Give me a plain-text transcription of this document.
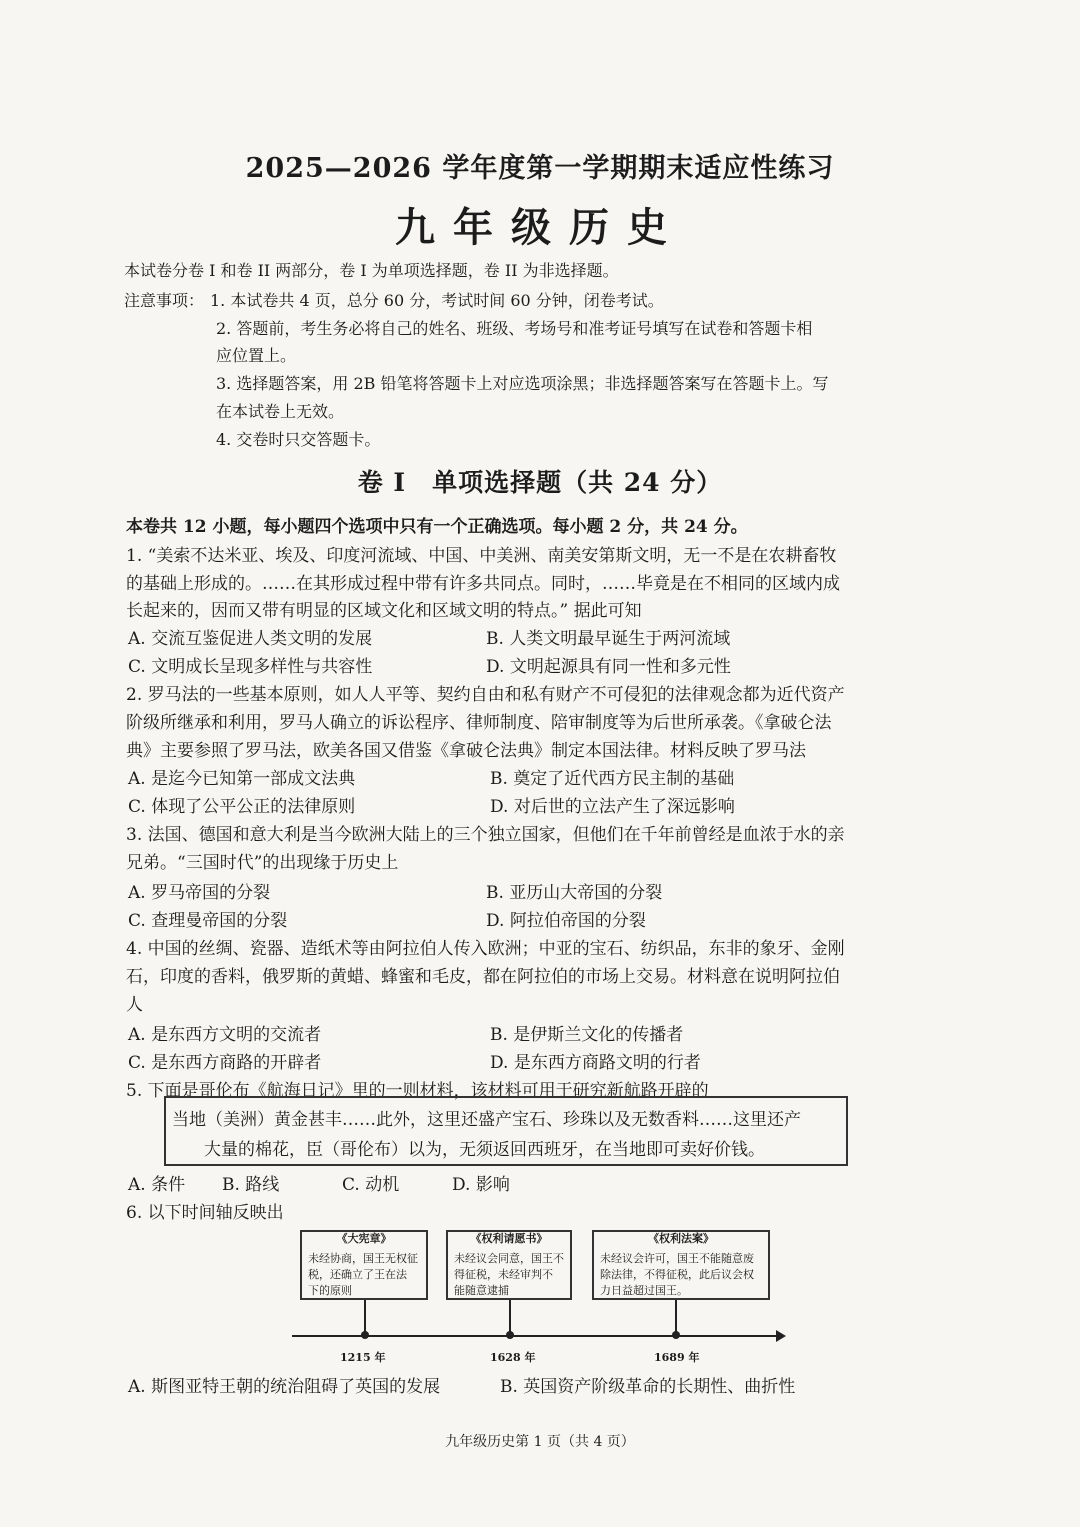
2025—2026 学年度第一学期期末适应性练习
九年级历史
本试卷分卷 I 和卷 II 两部分，卷 I 为单项选择题，卷 II 为非选择题。
注意事项： 1. 本试卷共 4 页，总分 60 分，考试时间 60 分钟，闭卷考试。
2. 答题前，考生务必将自己的姓名、班级、考场号和准考证号填写在试卷和答题卡相
应位置上。
3. 选择题答案，用 2B 铅笔将答题卡上对应选项涂黑；非选择题答案写在答题卡上。写
在本试卷上无效。
4. 交卷时只交答题卡。
卷 I　单项选择题（共 24 分）
本卷共 12 小题，每小题四个选项中只有一个正确选项。每小题 2 分，共 24 分。
1. “美索不达米亚、埃及、印度河流域、中国、中美洲、南美安第斯文明，无一不是在农耕畜牧
的基础上形成的。……在其形成过程中带有许多共同点。同时，……毕竟是在不相同的区域内成
长起来的，因而又带有明显的区域文化和区域文明的特点。” 据此可知
A. 交流互鉴促进人类文明的发展	B. 人类文明最早诞生于两河流域
C. 文明成长呈现多样性与共容性	D. 文明起源具有同一性和多元性
2. 罗马法的一些基本原则，如人人平等、契约自由和私有财产不可侵犯的法律观念都为近代资产
阶级所继承和利用，罗马人确立的诉讼程序、律师制度、陪审制度等为后世所承袭。《拿破仑法
典》主要参照了罗马法，欧美各国又借鉴《拿破仑法典》制定本国法律。材料反映了罗马法
A. 是迄今已知第一部成文法典	B. 奠定了近代西方民主制的基础
C. 体现了公平公正的法律原则	D. 对后世的立法产生了深远影响
3. 法国、德国和意大利是当今欧洲大陆上的三个独立国家，但他们在千年前曾经是血浓于水的亲
兄弟。“三国时代”的出现缘于历史上
A. 罗马帝国的分裂	B. 亚历山大帝国的分裂
C. 查理曼帝国的分裂	D. 阿拉伯帝国的分裂
4. 中国的丝绸、瓷器、造纸术等由阿拉伯人传入欧洲；中亚的宝石、纺织品，东非的象牙、金刚
石，印度的香料，俄罗斯的黄蜡、蜂蜜和毛皮，都在阿拉伯的市场上交易。材料意在说明阿拉伯
人
A. 是东西方文明的交流者	B. 是伊斯兰文化的传播者
C. 是东西方商路的开辟者	D. 是东西方商路文明的行者
5. 下面是哥伦布《航海日记》里的一则材料，该材料可用于研究新航路开辟的
当地（美洲）黄金甚丰……此外，这里还盛产宝石、珍珠以及无数香料……这里还产
大量的棉花，臣（哥伦布）以为，无须返回西班牙，在当地即可卖好价钱。
A. 条件 B. 路线	C. 动机	D. 影响
6. 以下时间轴反映出
《大宪章》
未经协商，国王无权征
税，还确立了王在法
下的原则
《权利请愿书》
未经议会同意，国王不
得征税，未经审判不
能随意逮捕
《权利法案》
未经议会许可，国王不能随意废
除法律，不得征税，此后议会权
力日益超过国王。
1215 年	1628 年	1689 年
A. 斯图亚特王朝的统治阻碍了英国的发展	B. 英国资产阶级革命的长期性、曲折性
九年级历史第 1 页（共 4 页）
